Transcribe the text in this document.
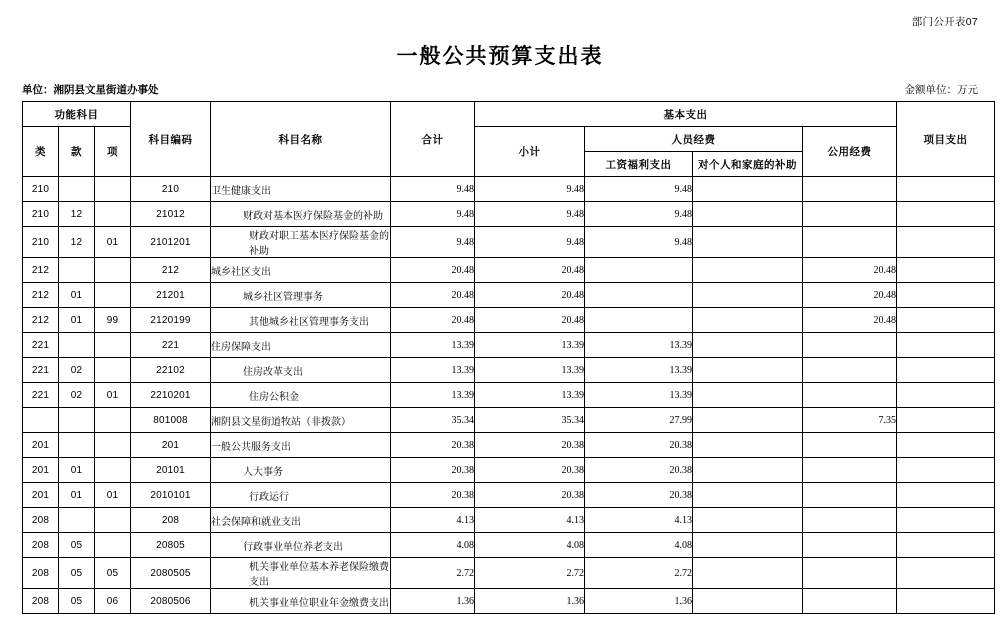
部门公开表07
一般公共预算支出表
单位：湘阴县文星街道办事处	金额单位：万元
功能科目			科目编码	科目名称	合计	基本支出				项目支出
类	款	项				小计	人员经费		公用经费	
							工资福利支出	对个人和家庭的补助		
210			210	卫生健康支出	9.48	9.48	9.48			
210	12		21012	财政对基本医疗保险基金的补助	9.48	9.48	9.48			
210	12	01	2101201	财政对职工基本医疗保险基金的补助	9.48	9.48	9.48			
212			212	城乡社区支出	20.48	20.48			20.48	
212	01		21201	城乡社区管理事务	20.48	20.48			20.48	
212	01	99	2120199	其他城乡社区管理事务支出	20.48	20.48			20.48	
221			221	住房保障支出	13.39	13.39	13.39			
221	02		22102	住房改革支出	13.39	13.39	13.39			
221	02	01	2210201	住房公积金	13.39	13.39	13.39			
			801008	湘阴县文星街道牧站（非拨款）	35.34	35.34	27.99		7.35	
201			201	一般公共服务支出	20.38	20.38	20.38			
201	01		20101	人大事务	20.38	20.38	20.38			
201	01	01	2010101	行政运行	20.38	20.38	20.38			
208			208	社会保障和就业支出	4.13	4.13	4.13			
208	05		20805	行政事业单位养老支出	4.08	4.08	4.08			
208	05	05	2080505	机关事业单位基本养老保险缴费支出	2.72	2.72	2.72			
208	05	06	2080506	机关事业单位职业年金缴费支出	1.36	1.36	1.36			
